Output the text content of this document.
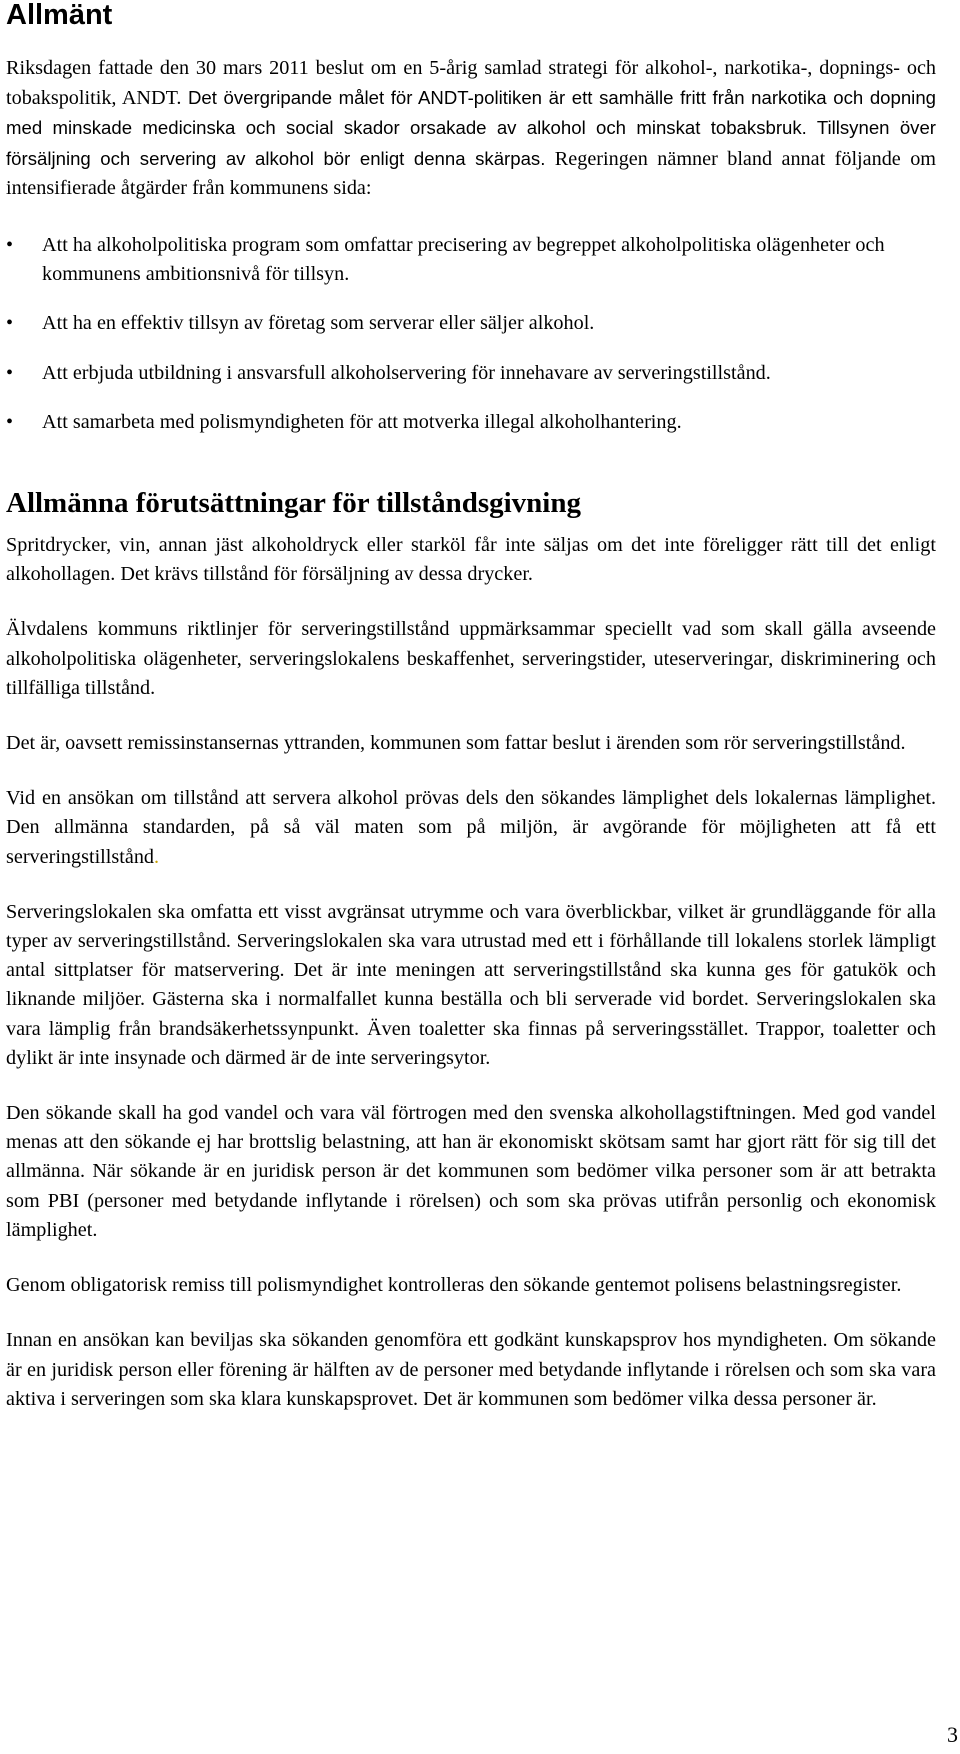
Allmänt

Riksdagen fattade den 30 mars 2011 beslut om en 5-årig samlad strategi för alkohol-, narkotika-, dopnings- och tobakspolitik, ANDT. Det övergripande målet för ANDT-politiken är ett samhälle fritt från narkotika och dopning med minskade medicinska och social skador orsakade av alkohol och minskat tobaksbruk. Tillsynen över försäljning och servering av alkohol bör enligt denna skärpas. Regeringen nämner bland annat följande om intensifierade åtgärder från kommunens sida:

• Att ha alkoholpolitiska program som omfattar precisering av begreppet alkoholpolitiska olägenheter och kommunens ambitionsnivå för tillsyn.
• Att ha en effektiv tillsyn av företag som serverar eller säljer alkohol.
• Att erbjuda utbildning i ansvarsfull alkoholservering för innehavare av serveringstillstånd.
• Att samarbeta med polismyndigheten för att motverka illegal alkoholhantering.
Allmänna förutsättningar för tillståndsgivning

Spritdrycker, vin, annan jäst alkoholdryck eller starköl får inte säljas om det inte föreligger rätt till det enligt alkohollagen. Det krävs tillstånd för försäljning av dessa drycker.

Älvdalens kommuns riktlinjer för serveringstillstånd uppmärksammar speciellt vad som skall gälla avseende alkoholpolitiska olägenheter, serveringslokalens beskaffenhet, serveringstider, uteserveringar, diskriminering och tillfälliga tillstånd.

Det är, oavsett remissinstansernas yttranden, kommunen som fattar beslut i ärenden som rör serveringstillstånd.

Vid en ansökan om tillstånd att servera alkohol prövas dels den sökandes lämplighet dels lokalernas lämplighet. Den allmänna standarden, på så väl maten som på miljön, är avgörande för möjligheten att få ett serveringstillstånd.

Serveringslokalen ska omfatta ett visst avgränsat utrymme och vara överblickbar, vilket är grundläggande för alla typer av serveringstillstånd. Serveringslokalen ska vara utrustad med ett i förhållande till lokalens storlek lämpligt antal sittplatser för matservering. Det är inte meningen att serveringstillstånd ska kunna ges för gatukök och liknande miljöer. Gästerna ska i normalfallet kunna beställa och bli serverade vid bordet. Serveringslokalen ska vara lämplig från brandsäkerhetssynpunkt. Även toaletter ska finnas på serveringsstället. Trappor, toaletter och dylikt är inte insynade och därmed är de inte serveringsytor.

Den sökande skall ha god vandel och vara väl förtrogen med den svenska alkohollagstiftningen. Med god vandel menas att den sökande ej har brottslig belastning, att han är ekonomiskt skötsam samt har gjort rätt för sig till det allmänna. När sökande är en juridisk person är det kommunen som bedömer vilka personer som är att betrakta som PBI (personer med betydande inflytande i rörelsen) och som ska prövas utifrån personlig och ekonomisk lämplighet.

Genom obligatorisk remiss till polismyndighet kontrolleras den sökande gentemot polisens belastningsregister.

Innan en ansökan kan beviljas ska sökanden genomföra ett godkänt kunskapsprov hos myndigheten. Om sökande är en juridisk person eller förening är hälften av de personer med betydande inflytande i rörelsen och som ska vara aktiva i serveringen som ska klara kunskapsprovet. Det är kommunen som bedömer vilka dessa personer är.

3
